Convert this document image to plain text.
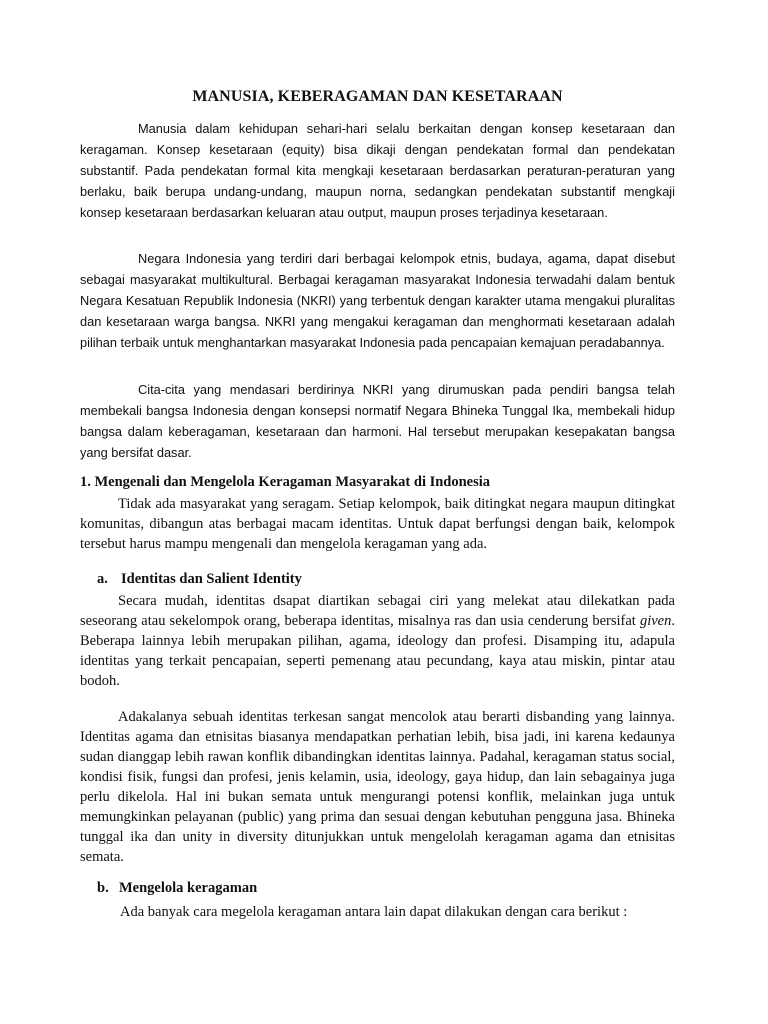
MANUSIA, KEBERAGAMAN DAN KESETARAAN

Manusia dalam kehidupan sehari-hari selalu berkaitan dengan konsep kesetaraan dan keragaman. Konsep kesetaraan (equity) bisa dikaji dengan pendekatan formal dan pendekatan substantif. Pada pendekatan formal kita mengkaji kesetaraan berdasarkan peraturan-peraturan yang berlaku, baik berupa undang-undang, maupun norna, sedangkan pendekatan substantif mengkaji konsep kesetaraan berdasarkan keluaran atau output, maupun proses terjadinya kesetaraan.

Negara Indonesia yang terdiri dari berbagai kelompok etnis, budaya, agama, dapat disebut sebagai masyarakat multikultural. Berbagai keragaman masyarakat Indonesia terwadahi dalam bentuk Negara Kesatuan Republik Indonesia (NKRI) yang terbentuk dengan karakter utama mengakui pluralitas dan kesetaraan warga bangsa. NKRI yang mengakui keragaman dan menghormati kesetaraan adalah pilihan terbaik untuk menghantarkan masyarakat Indonesia pada pencapaian kemajuan peradabannya.

Cita-cita yang mendasari berdirinya NKRI yang dirumuskan pada pendiri bangsa telah membekali bangsa Indonesia dengan konsepsi normatif Negara Bhineka Tunggal Ika, membekali hidup bangsa dalam keberagaman, kesetaraan dan harmoni. Hal tersebut merupakan kesepakatan bangsa yang bersifat dasar.

1. Mengenali dan Mengelola Keragaman Masyarakat di Indonesia

Tidak ada masyarakat yang seragam. Setiap kelompok, baik ditingkat negara maupun ditingkat komunitas, dibangun atas berbagai macam identitas. Untuk dapat berfungsi dengan baik, kelompok tersebut harus mampu mengenali dan mengelola keragaman yang ada.

a. Identitas dan Salient Identity

Secara mudah, identitas dsapat diartikan sebagai ciri yang melekat atau dilekatkan pada seseorang atau sekelompok orang, beberapa identitas, misalnya ras dan usia cenderung bersifat given. Beberapa lainnya lebih merupakan pilihan, agama, ideology dan profesi. Disamping itu, adapula identitas yang terkait pencapaian, seperti pemenang atau pecundang, kaya atau miskin, pintar atau bodoh.

Adakalanya sebuah identitas terkesan sangat mencolok atau berarti disbanding yang lainnya. Identitas agama dan etnisitas biasanya mendapatkan perhatian lebih, bisa jadi, ini karena kedaunya sudan dianggap lebih rawan konflik dibandingkan identitas lainnya. Padahal, keragaman status social, kondisi fisik, fungsi dan profesi, jenis kelamin, usia, ideology, gaya hidup, dan lain sebagainya juga perlu dikelola. Hal ini bukan semata untuk mengurangi potensi konflik, melainkan juga untuk memungkinkan pelayanan (public) yang prima dan sesuai dengan kebutuhan pengguna jasa. Bhineka tunggal ika dan unity in diversity ditunjukkan untuk mengelolah keragaman agama dan etnisitas semata.

b. Mengelola keragaman

Ada banyak cara megelola keragaman antara lain dapat dilakukan dengan cara berikut :
